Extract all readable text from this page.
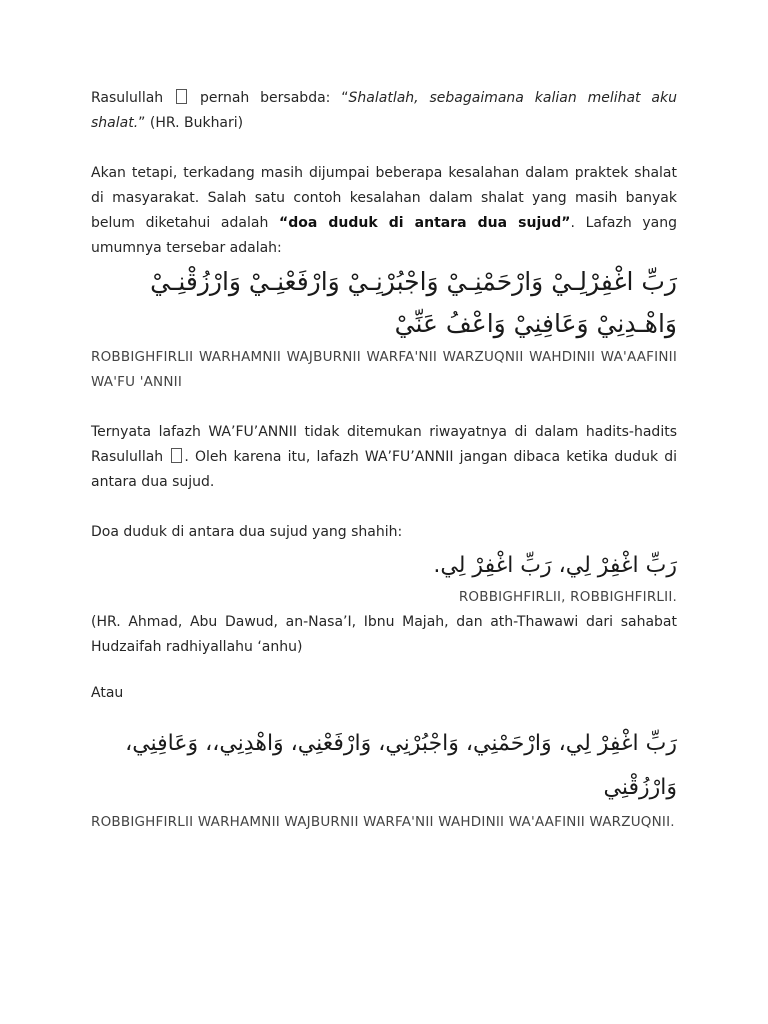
Rasulullah	pernah bersabda: “Shalatlah, sebagaimana kalian melihat aku shalat.” (HR. Bukhari)

Akan tetapi, terkadang masih dijumpai beberapa kesalahan dalam praktek shalat di masyarakat. Salah satu contoh kesalahan dalam shalat yang masih banyak belum diketahui adalah “doa duduk di antara dua sujud”. Lafazh yang umumnya tersebar adalah:

رَبِّ اغْفِرْلِـيْ وَارْحَمْنِـيْ وَاجْبُرْنِـيْ وَارْفَعْنِـيْ وَارْزُقْنِـيْ وَاهْـدِنِيْ وَعَافِنِيْ وَاعْفُ عَنِّيْ

ROBBIGHFIRLII WARHAMNII WAJBURNII WARFA'NII WARZUQNII WAHDINII WA'AAFINII WA'FU 'ANNII

Ternyata lafazh WA’FU’ANNII tidak ditemukan riwayatnya di dalam hadits-hadits Rasulullah . Oleh karena itu, lafazh WA’FU’ANNII jangan dibaca ketika duduk di antara dua sujud.

Doa duduk di antara dua sujud yang shahih:

رَبِّ اغْفِرْ لِي، رَبِّ اغْفِرْ لِي.

ROBBIGHFIRLII, ROBBIGHFIRLII.

(HR. Ahmad, Abu Dawud, an-Nasa’I, Ibnu Majah, dan ath-Thawawi dari sahabat Hudzaifah radhiyallahu ‘anhu)

Atau

رَبِّ اغْفِرْ لِي، وَارْحَمْنِي، وَاجْبُرْنِي، وَارْفَعْنِي، وَاهْدِنِي،، وَعَافِنِي، وَارْزُقْنِي

ROBBIGHFIRLII WARHAMNII WAJBURNII WARFA'NII WAHDINII WA'AAFINII WARZUQNII.
